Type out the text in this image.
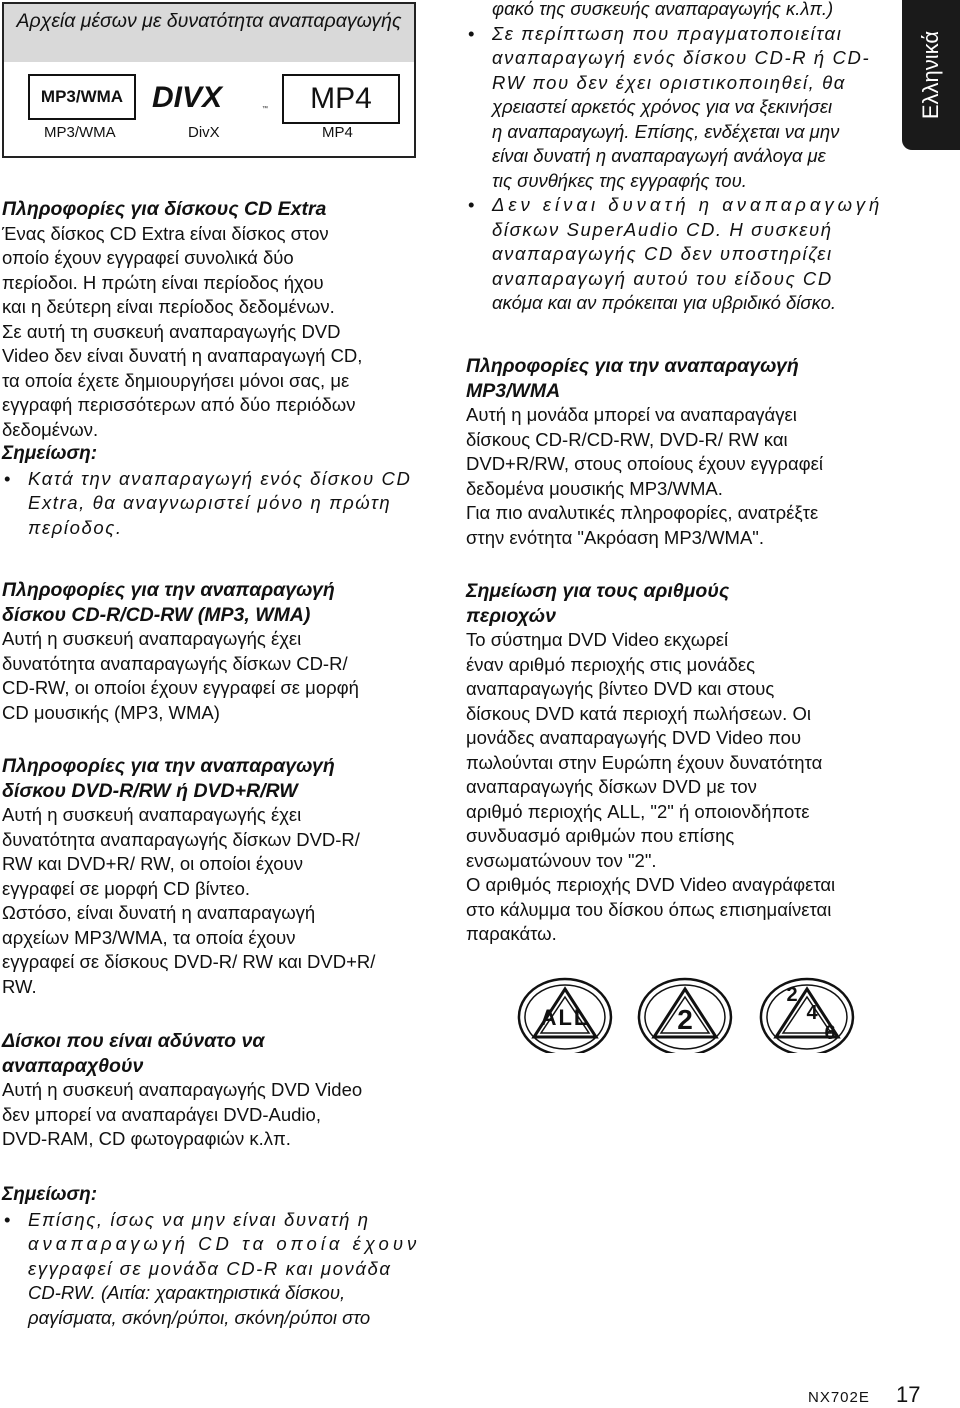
Αρχεία μέσων με δυνατότητα αναπαραγωγής
MP3/WMA DIVX	™	MP4
MP3/WMA	DivX	MP4
Ελληνικά

Πληροφορίες για δίσκους CD Extra

Ένας δίσκος CD Extra είναι δίσκος στον

οποίο έχουν εγγραφεί συνολικά δύο

περίοδοι. Η πρώτη είναι περίοδος ήχου

και η δεύτερη είναι περίοδος δεδομένων.

Σε αυτή τη συσκευή αναπαραγωγής DVD

Video δεν είναι δυνατή η αναπαραγωγή CD,

τα οποία έχετε δημιουργήσει μόνοι σας, με

εγγραφή περισσότερων από δύο περιόδων

δεδομένων.

Σημείωση:

• Κατά την αναπαραγωγή ενός δίσκου CD
Extra, θα αναγνωριστεί μόνο η πρώτη
περίοδος.

Πληροφορίες για την αναπαραγωγή

δίσκου CD-R/CD-RW (MP3, WMA)

Αυτή η συσκευή αναπαραγωγής έχει

δυνατότητα αναπαραγωγής δίσκων CD-R/

CD-RW, οι οποίοι έχουν εγγραφεί σε μορφή

CD μουσικής (MP3, WMA)

Πληροφορίες για την αναπαραγωγή

δίσκου DVD-R/RW ή DVD+R/RW

Αυτή η συσκευή αναπαραγωγής έχει

δυνατότητα αναπαραγωγής δίσκων DVD-R/

RW και DVD+R/ RW, οι οποίοι έχουν

εγγραφεί σε μορφή CD βίντεο.

Ωστόσο, είναι δυνατή η αναπαραγωγή

αρχείων MP3/WMA, τα οποία έχουν

εγγραφεί σε δίσκους DVD-R/ RW και DVD+R/

RW.

Δίσκοι που είναι αδύνατο να

αναπαραχθούν

Αυτή η συσκευή αναπαραγωγής DVD Video

δεν μπορεί να αναπαράγει DVD-Audio,

DVD-RAM, CD φωτογραφιών κ.λπ.

Σημείωση:

• Επίσης, ίσως να μην είναι δυνατή η
αναπαραγωγή CD τα οποία έχουν
εγγραφεί σε μονάδα CD-R και μονάδα
CD-RW. (Αιτία: χαρακτηριστικά δίσκου,
ραγίσματα, σκόνη/ρύποι, σκόνη/ρύποι στο

φακό της συσκευής αναπαραγωγής κ.λπ.)

• Σε περίπτωση που πραγματοποιείται
αναπαραγωγή ενός δίσκου CD-R ή CD-
RW που δεν έχει οριστικοποιηθεί, θα
χρειαστεί αρκετός χρόνος για να ξεκινήσει
η αναπαραγωγή. Επίσης, ενδέχεται να μην
είναι δυνατή η αναπαραγωγή ανάλογα με
τις συνθήκες της εγγραφής του.
• Δεν είναι δυνατή η αναπαραγωγή
δίσκων SuperAudio CD. Η συσκευή
αναπαραγωγής CD δεν υποστηρίζει
αναπαραγωγή αυτού του είδους CD
ακόμα και αν πρόκειται για υβριδικό δίσκο.

Πληροφορίες για την αναπαραγωγή

MP3/WMA

Αυτή η μονάδα μπορεί να αναπαραγάγει

δίσκους CD-R/CD-RW, DVD-R/ RW και

DVD+R/RW, στους οποίους έχουν εγγραφεί

δεδομένα μουσικής MP3/WMA.

Για πιο αναλυτικές πληροφορίες, ανατρέξτε

στην ενότητα "Ακρόαση MP3/WMA".

Σημείωση για τους αριθμούς

περιοχών

Το σύστημα DVD Video εκχωρεί

έναν αριθμό περιοχής στις μονάδες

αναπαραγωγής βίντεο DVD και στους

δίσκους DVD κατά περιοχή πωλήσεων. Οι

μονάδες αναπαραγωγής DVD Video που

πωλούνται στην Ευρώπη έχουν δυνατότητα

αναπαραγωγής δίσκων DVD με τον

αριθμό περιοχής ALL, "2" ή οποιονδήποτε

συνδυασμό αριθμών που επίσης

ενσωματώνουν τον "2".

Ο αριθμός περιοχής DVD Video αναγράφεται

στο κάλυμμα του δίσκου όπως επισημαίνεται

παρακάτω.

ALL	2
2
4
6
NX702E 17
